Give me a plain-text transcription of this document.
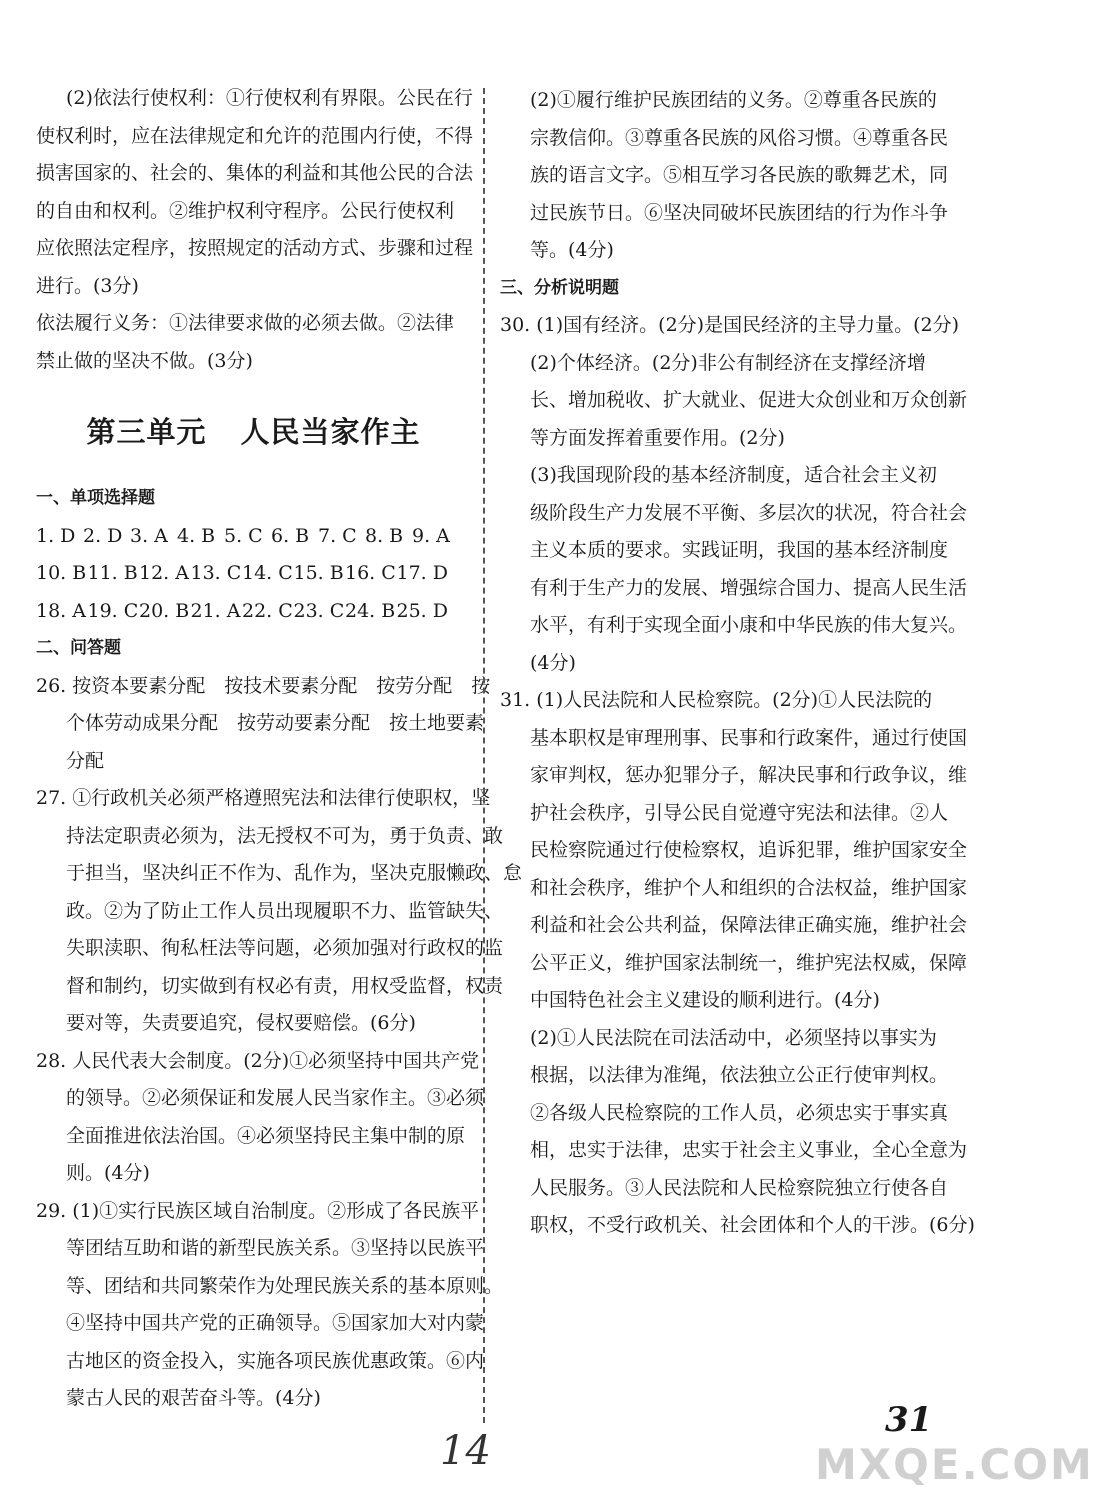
(2)依法行使权利：①行使权利有界限。公民在行
使权利时，应在法律规定和允许的范围内行使，不得
损害国家的、社会的、集体的利益和其他公民的合法
的自由和权利。②维护权利守程序。公民行使权利
应依照法定程序，按照规定的活动方式、步骤和过程
进行。(3分)
依法履行义务：①法律要求做的必须去做。②法律
禁止做的坚决不做。(3分)
第三单元 人民当家作主
一、单项选择题
1. D 2. D 3. A 4. B 5. C 6. B 7. C 8. B 9. A
10. B 11. B 12. A 13. C 14. C 15. B 16. C 17. D
18. A 19. C 20. B 21. A 22. C 23. C 24. B 25. D
二、问答题
26. 按资本要素分配　按技术要素分配　按劳分配　按
个体劳动成果分配　按劳动要素分配　按土地要素
分配
27. ①行政机关必须严格遵照宪法和法律行使职权，坚
持法定职责必须为，法无授权不可为，勇于负责、敢
于担当，坚决纠正不作为、乱作为，坚决克服懒政、怠
政。②为了防止工作人员出现履职不力、监管缺失、
失职渎职、徇私枉法等问题，必须加强对行政权的监
督和制约，切实做到有权必有责，用权受监督，权责
要对等，失责要追究，侵权要赔偿。(6分)
28. 人民代表大会制度。(2分)①必须坚持中国共产党
的领导。②必须保证和发展人民当家作主。③必须
全面推进依法治国。④必须坚持民主集中制的原
则。(4分)
29. (1)①实行民族区域自治制度。②形成了各民族平
等团结互助和谐的新型民族关系。③坚持以民族平
等、团结和共同繁荣作为处理民族关系的基本原则。
④坚持中国共产党的正确领导。⑤国家加大对内蒙
古地区的资金投入，实施各项民族优惠政策。⑥内
蒙古人民的艰苦奋斗等。(4分)
(2)①履行维护民族团结的义务。②尊重各民族的
宗教信仰。③尊重各民族的风俗习惯。④尊重各民
族的语言文字。⑤相互学习各民族的歌舞艺术，同
过民族节日。⑥坚决同破坏民族团结的行为作斗争
等。(4分)
三、分析说明题
30. (1)国有经济。(2分)是国民经济的主导力量。(2分)
(2)个体经济。(2分)非公有制经济在支撑经济增
长、增加税收、扩大就业、促进大众创业和万众创新
等方面发挥着重要作用。(2分)
(3)我国现阶段的基本经济制度，适合社会主义初
级阶段生产力发展不平衡、多层次的状况，符合社会
主义本质的要求。实践证明，我国的基本经济制度
有利于生产力的发展、增强综合国力、提高人民生活
水平，有利于实现全面小康和中华民族的伟大复兴。
(4分)
31. (1)人民法院和人民检察院。(2分)①人民法院的
基本职权是审理刑事、民事和行政案件，通过行使国
家审判权，惩办犯罪分子，解决民事和行政争议，维
护社会秩序，引导公民自觉遵守宪法和法律。②人
民检察院通过行使检察权，追诉犯罪，维护国家安全
和社会秩序，维护个人和组织的合法权益，维护国家
利益和社会公共利益，保障法律正确实施，维护社会
公平正义，维护国家法制统一，维护宪法权威，保障
中国特色社会主义建设的顺利进行。(4分)
(2)①人民法院在司法活动中，必须坚持以事实为
根据，以法律为准绳，依法独立公正行使审判权。
②各级人民检察院的工作人员，必须忠实于事实真
相，忠实于法律，忠实于社会主义事业，全心全意为
人民服务。③人民法院和人民检察院独立行使各自
职权，不受行政机关、社会团体和个人的干涉。(6分)
31
14	MXQE.COM
